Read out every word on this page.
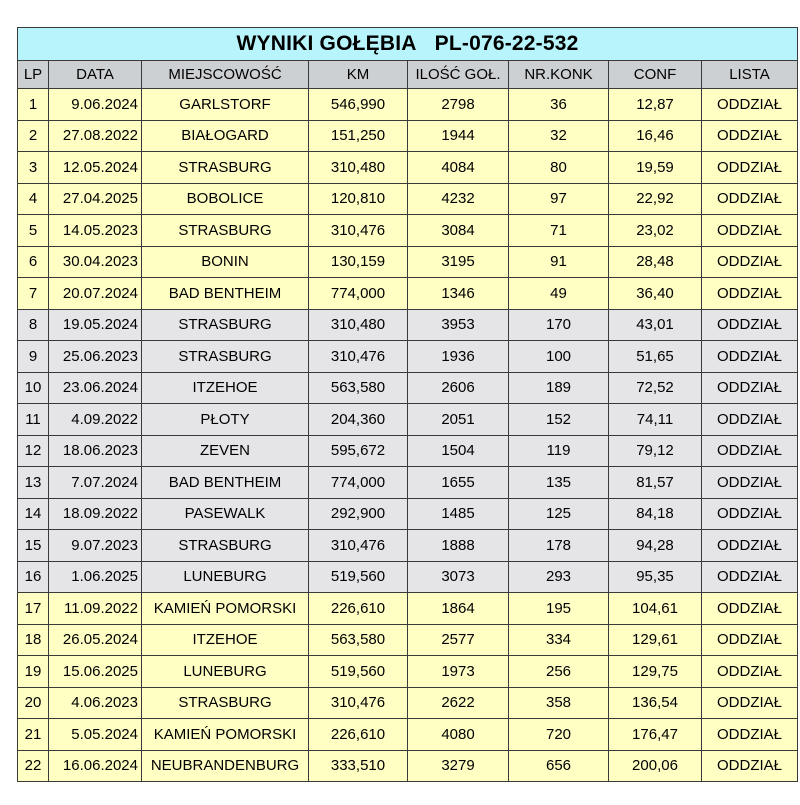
WYNIKI GOŁĘBIA PL-076-22-532							
LP	DATA	MIEJSCOWOŚĆ	KM	ILOŚĆ GOŁ.	NR.KONK	CONF	LISTA
1	9.06.2024	GARLSTORF	546,990	2798	36	12,87	ODDZIAŁ
2	27.08.2022	BIAŁOGARD	151,250	1944	32	16,46	ODDZIAŁ
3	12.05.2024	STRASBURG	310,480	4084	80	19,59	ODDZIAŁ
4	27.04.2025	BOBOLICE	120,810	4232	97	22,92	ODDZIAŁ
5	14.05.2023	STRASBURG	310,476	3084	71	23,02	ODDZIAŁ
6	30.04.2023	BONIN	130,159	3195	91	28,48	ODDZIAŁ
7	20.07.2024	BAD BENTHEIM	774,000	1346	49	36,40	ODDZIAŁ
8	19.05.2024	STRASBURG	310,480	3953	170	43,01	ODDZIAŁ
9	25.06.2023	STRASBURG	310,476	1936	100	51,65	ODDZIAŁ
10	23.06.2024	ITZEHOE	563,580	2606	189	72,52	ODDZIAŁ
11	4.09.2022	PŁOTY	204,360	2051	152	74,11	ODDZIAŁ
12	18.06.2023	ZEVEN	595,672	1504	119	79,12	ODDZIAŁ
13	7.07.2024	BAD BENTHEIM	774,000	1655	135	81,57	ODDZIAŁ
14	18.09.2022	PASEWALK	292,900	1485	125	84,18	ODDZIAŁ
15	9.07.2023	STRASBURG	310,476	1888	178	94,28	ODDZIAŁ
16	1.06.2025	LUNEBURG	519,560	3073	293	95,35	ODDZIAŁ
17	11.09.2022	KAMIEŃ POMORSKI	226,610	1864	195	104,61	ODDZIAŁ
18	26.05.2024	ITZEHOE	563,580	2577	334	129,61	ODDZIAŁ
19	15.06.2025	LUNEBURG	519,560	1973	256	129,75	ODDZIAŁ
20	4.06.2023	STRASBURG	310,476	2622	358	136,54	ODDZIAŁ
21	5.05.2024	KAMIEŃ POMORSKI	226,610	4080	720	176,47	ODDZIAŁ
22	16.06.2024	NEUBRANDENBURG	333,510	3279	656	200,06	ODDZIAŁ
